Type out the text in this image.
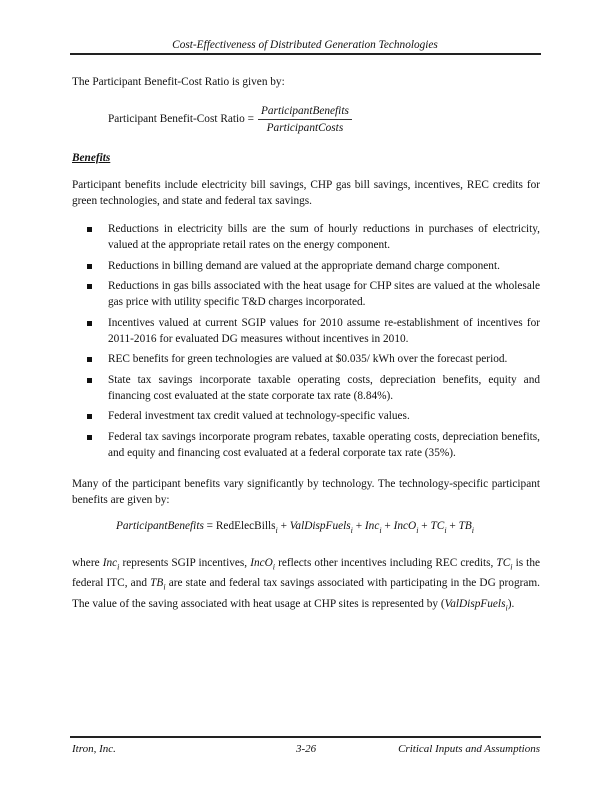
Cost-Effectiveness of Distributed Generation Technologies
The Participant Benefit-Cost Ratio is given by:
Participant Benefit-Cost Ratio = $\frac{\text{ParticipantBenefits}}{\text{ParticipantCosts}}$
Benefits
Participant benefits include electricity bill savings, CHP gas bill savings, incentives, REC credits for green technologies, and state and federal tax savings.
Reductions in electricity bills are the sum of hourly reductions in purchases of electricity, valued at the appropriate retail rates on the energy component.
Reductions in billing demand are valued at the appropriate demand charge component.
Reductions in gas bills associated with the heat usage for CHP sites are valued at the wholesale gas price with utility specific T&D charges incorporated.
Incentives valued at current SGIP values for 2010 assume re-establishment of incentives for 2011-2016 for evaluated DG measures without incentives in 2010.
REC benefits for green technologies are valued at $0.035/ kWh over the forecast period.
State tax savings incorporate taxable operating costs, depreciation benefits, equity and financing cost evaluated at the state corporate tax rate (8.84%).
Federal investment tax credit valued at technology-specific values.
Federal tax savings incorporate program rebates, taxable operating costs, depreciation benefits, and equity and financing cost evaluated at a federal corporate tax rate (35%).
Many of the participant benefits vary significantly by technology. The technology-specific participant benefits are given by:
ParticipantBenefits = RedElecBills$_i$ + ValDispFuels$_i$ + Inc$_i$ + IncO$_i$ + $TC_i + TB_i$
where Inc$_i$ represents SGIP incentives, IncO$_i$ reflects other incentives including REC credits, $TC_i$ is the federal ITC, and $TB_i$ are state and federal tax savings associated with participating in the DG program. The value of the saving associated with heat usage at CHP sites is represented by (ValDispFuels$_i$).
Itron, Inc.	3-26	Critical Inputs and Assumptions
